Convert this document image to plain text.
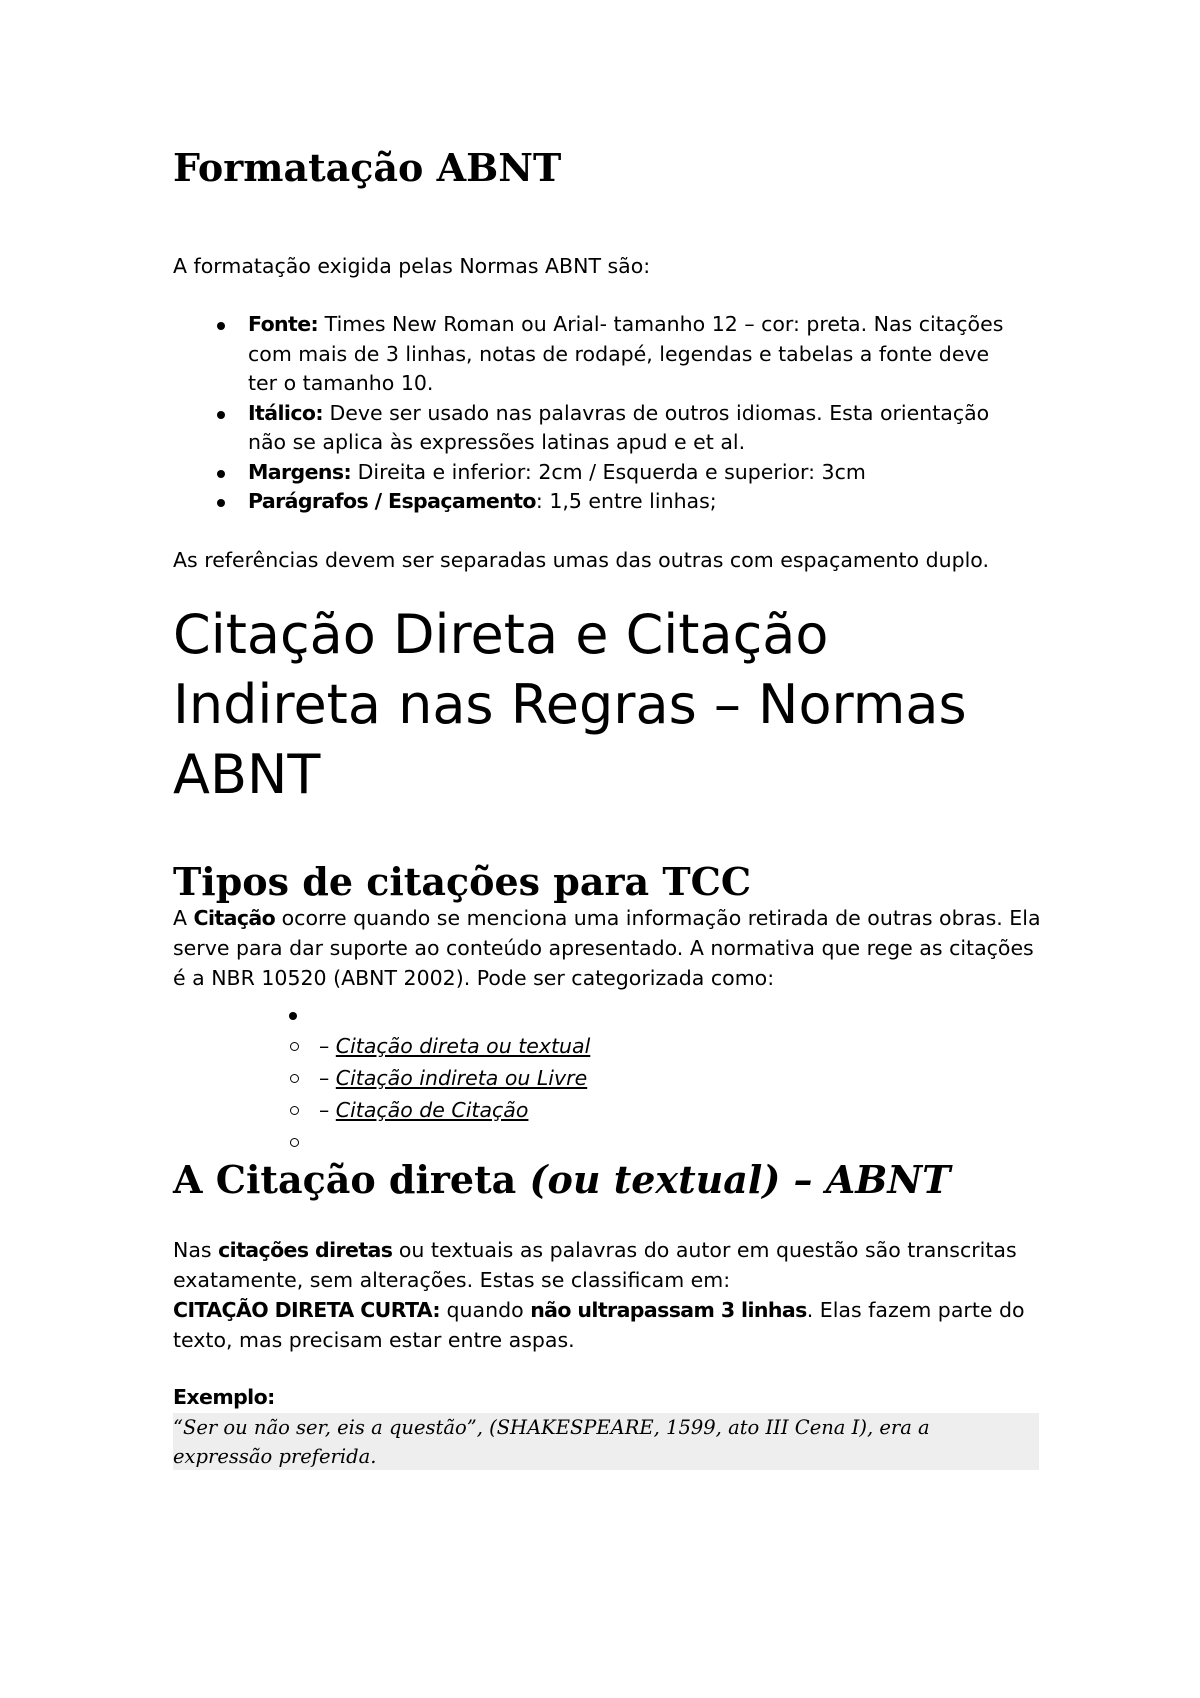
Formatação ABNT

A formatação exigida pelas Normas ABNT são:

Fonte: Times New Roman ou Arial- tamanho 12 – cor: preta. Nas citações com mais de 3 linhas, notas de rodapé, legendas e tabelas a fonte deve ter o tamanho 10.
Itálico: Deve ser usado nas palavras de outros idiomas. Esta orientação não se aplica às expressões latinas apud e et al.
Margens: Direita e inferior: 2cm / Esquerda e superior: 3cm
Parágrafos / Espaçamento: 1,5 entre linhas;

As referências devem ser separadas umas das outras com espaçamento duplo.

Citação Direta e Citação Indireta nas Regras – Normas ABNT
Tipos de citações para TCC

A Citação ocorre quando se menciona uma informação retirada de outras obras. Ela serve para dar suporte ao conteúdo apresentado. A normativa que rege as citações é a NBR 10520 (ABNT 2002). Pode ser categorizada como:

– Citação direta ou textual
– Citação indireta ou Livre
– Citação de Citação
A Citação direta (ou textual) – ABNT

Nas citações diretas ou textuais as palavras do autor em questão são transcritas exatamente, sem alterações. Estas se classificam em:
CITAÇÃO DIRETA CURTA: quando não ultrapassam 3 linhas. Elas fazem parte do texto, mas precisam estar entre aspas.

Exemplo:

“Ser ou não ser, eis a questão”, (SHAKESPEARE, 1599, ato III Cena I), era a expressão preferida.
